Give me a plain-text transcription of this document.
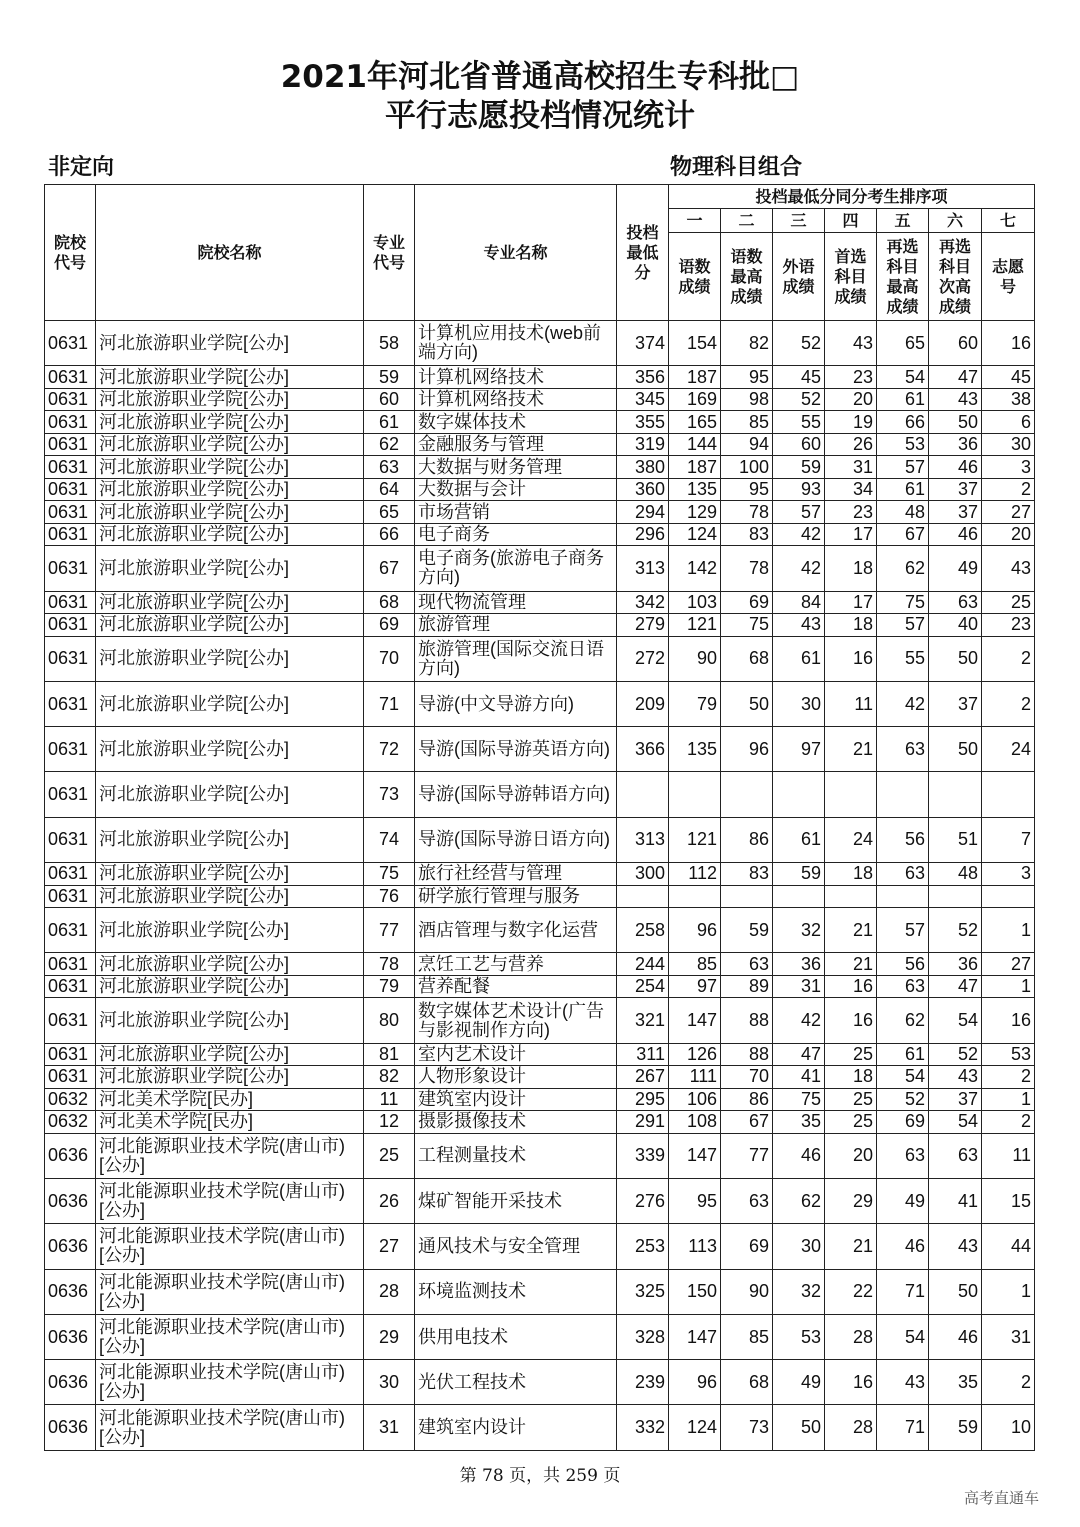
2021年河北省普通高校招生专科批□
平行志愿投档情况统计
非定向	物理科目组合
院校代号	院校名称	专业代号	专业名称	投档最低分	投档最低分同分考生排序项						
					一	二	三	四	五	六	七
					语数成绩	语数最高成绩	外语成绩	首选科目成绩	再选科目最高成绩	再选科目次高成绩	志愿号
0631	河北旅游职业学院[公办]	58	计算机应用技术(web前端方向)	374	154	82	52	43	65	60	16
0631	河北旅游职业学院[公办]	59	计算机网络技术	356	187	95	45	23	54	47	45
0631	河北旅游职业学院[公办]	60	计算机网络技术	345	169	98	52	20	61	43	38
0631	河北旅游职业学院[公办]	61	数字媒体技术	355	165	85	55	19	66	50	6
0631	河北旅游职业学院[公办]	62	金融服务与管理	319	144	94	60	26	53	36	30
0631	河北旅游职业学院[公办]	63	大数据与财务管理	380	187	100	59	31	57	46	3
0631	河北旅游职业学院[公办]	64	大数据与会计	360	135	95	93	34	61	37	2
0631	河北旅游职业学院[公办]	65	市场营销	294	129	78	57	23	48	37	27
0631	河北旅游职业学院[公办]	66	电子商务	296	124	83	42	17	67	46	20
0631	河北旅游职业学院[公办]	67	电子商务(旅游电子商务方向)	313	142	78	42	18	62	49	43
0631	河北旅游职业学院[公办]	68	现代物流管理	342	103	69	84	17	75	63	25
0631	河北旅游职业学院[公办]	69	旅游管理	279	121	75	43	18	57	40	23
0631	河北旅游职业学院[公办]	70	旅游管理(国际交流日语方向)	272	90	68	61	16	55	50	2
0631	河北旅游职业学院[公办]	71	导游(中文导游方向)	209	79	50	30	11	42	37	2
0631	河北旅游职业学院[公办]	72	导游(国际导游英语方向)	366	135	96	97	21	63	50	24
0631	河北旅游职业学院[公办]	73	导游(国际导游韩语方向)								
0631	河北旅游职业学院[公办]	74	导游(国际导游日语方向)	313	121	86	61	24	56	51	7
0631	河北旅游职业学院[公办]	75	旅行社经营与管理	300	112	83	59	18	63	48	3
0631	河北旅游职业学院[公办]	76	研学旅行管理与服务								
0631	河北旅游职业学院[公办]	77	酒店管理与数字化运营	258	96	59	32	21	57	52	1
0631	河北旅游职业学院[公办]	78	烹饪工艺与营养	244	85	63	36	21	56	36	27
0631	河北旅游职业学院[公办]	79	营养配餐	254	97	89	31	16	63	47	1
0631	河北旅游职业学院[公办]	80	数字媒体艺术设计(广告与影视制作方向)	321	147	88	42	16	62	54	16
0631	河北旅游职业学院[公办]	81	室内艺术设计	311	126	88	47	25	61	52	53
0631	河北旅游职业学院[公办]	82	人物形象设计	267	111	70	41	18	54	43	2
0632	河北美术学院[民办]	11	建筑室内设计	295	106	86	75	25	52	37	1
0632	河北美术学院[民办]	12	摄影摄像技术	291	108	67	35	25	69	54	2
0636	河北能源职业技术学院(唐山市)[公办]	25	工程测量技术	339	147	77	46	20	63	63	11
0636	河北能源职业技术学院(唐山市)[公办]	26	煤矿智能开采技术	276	95	63	62	29	49	41	15
0636	河北能源职业技术学院(唐山市)[公办]	27	通风技术与安全管理	253	113	69	30	21	46	43	44
0636	河北能源职业技术学院(唐山市)[公办]	28	环境监测技术	325	150	90	32	22	71	50	1
0636	河北能源职业技术学院(唐山市)[公办]	29	供用电技术	328	147	85	53	28	54	46	31
0636	河北能源职业技术学院(唐山市)[公办]	30	光伏工程技术	239	96	68	49	16	43	35	2
0636	河北能源职业技术学院(唐山市)[公办]	31	建筑室内设计	332	124	73	50	28	71	59	10
第 78 页，共 259 页
高考直通车
